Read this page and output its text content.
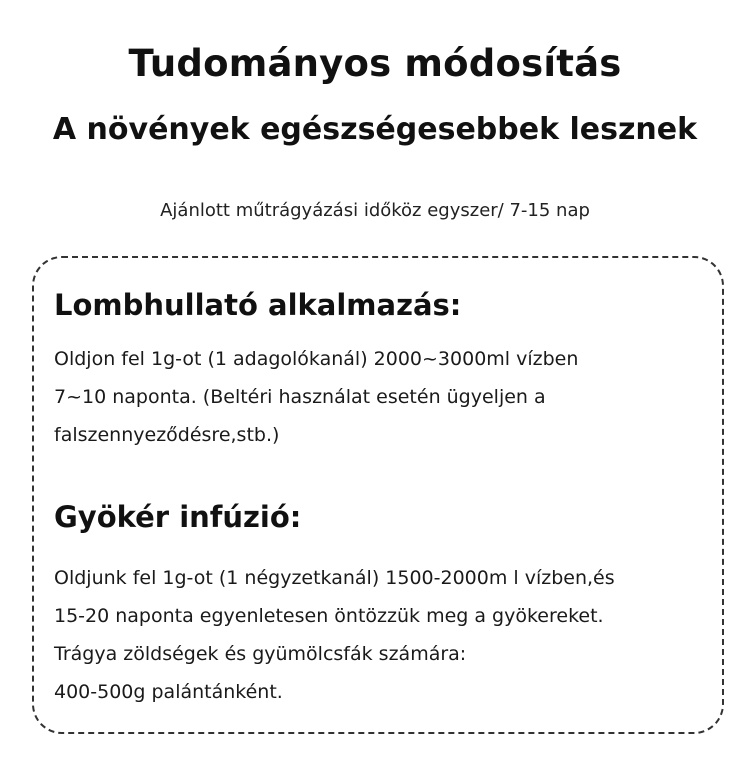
Tudományos módosítás
A növények egészségesebbek lesznek
Ajánlott műtrágyázási időköz egyszer/ 7-15 nap
Lombhullató alkalmazás:
Oldjon fel 1g-ot (1 adagolókanál) 2000~3000ml vízben
7~10 naponta. (Beltéri használat esetén ügyeljen a
falszennyeződésre,stb.)
Gyökér infúzió:
Oldjunk fel 1g-ot (1 négyzetkanál) 1500-2000m l vízben,és
15-20 naponta egyenletesen öntözzük meg a gyökereket.
Trágya zöldségek és gyümölcsfák számára:
400-500g palántánként.
